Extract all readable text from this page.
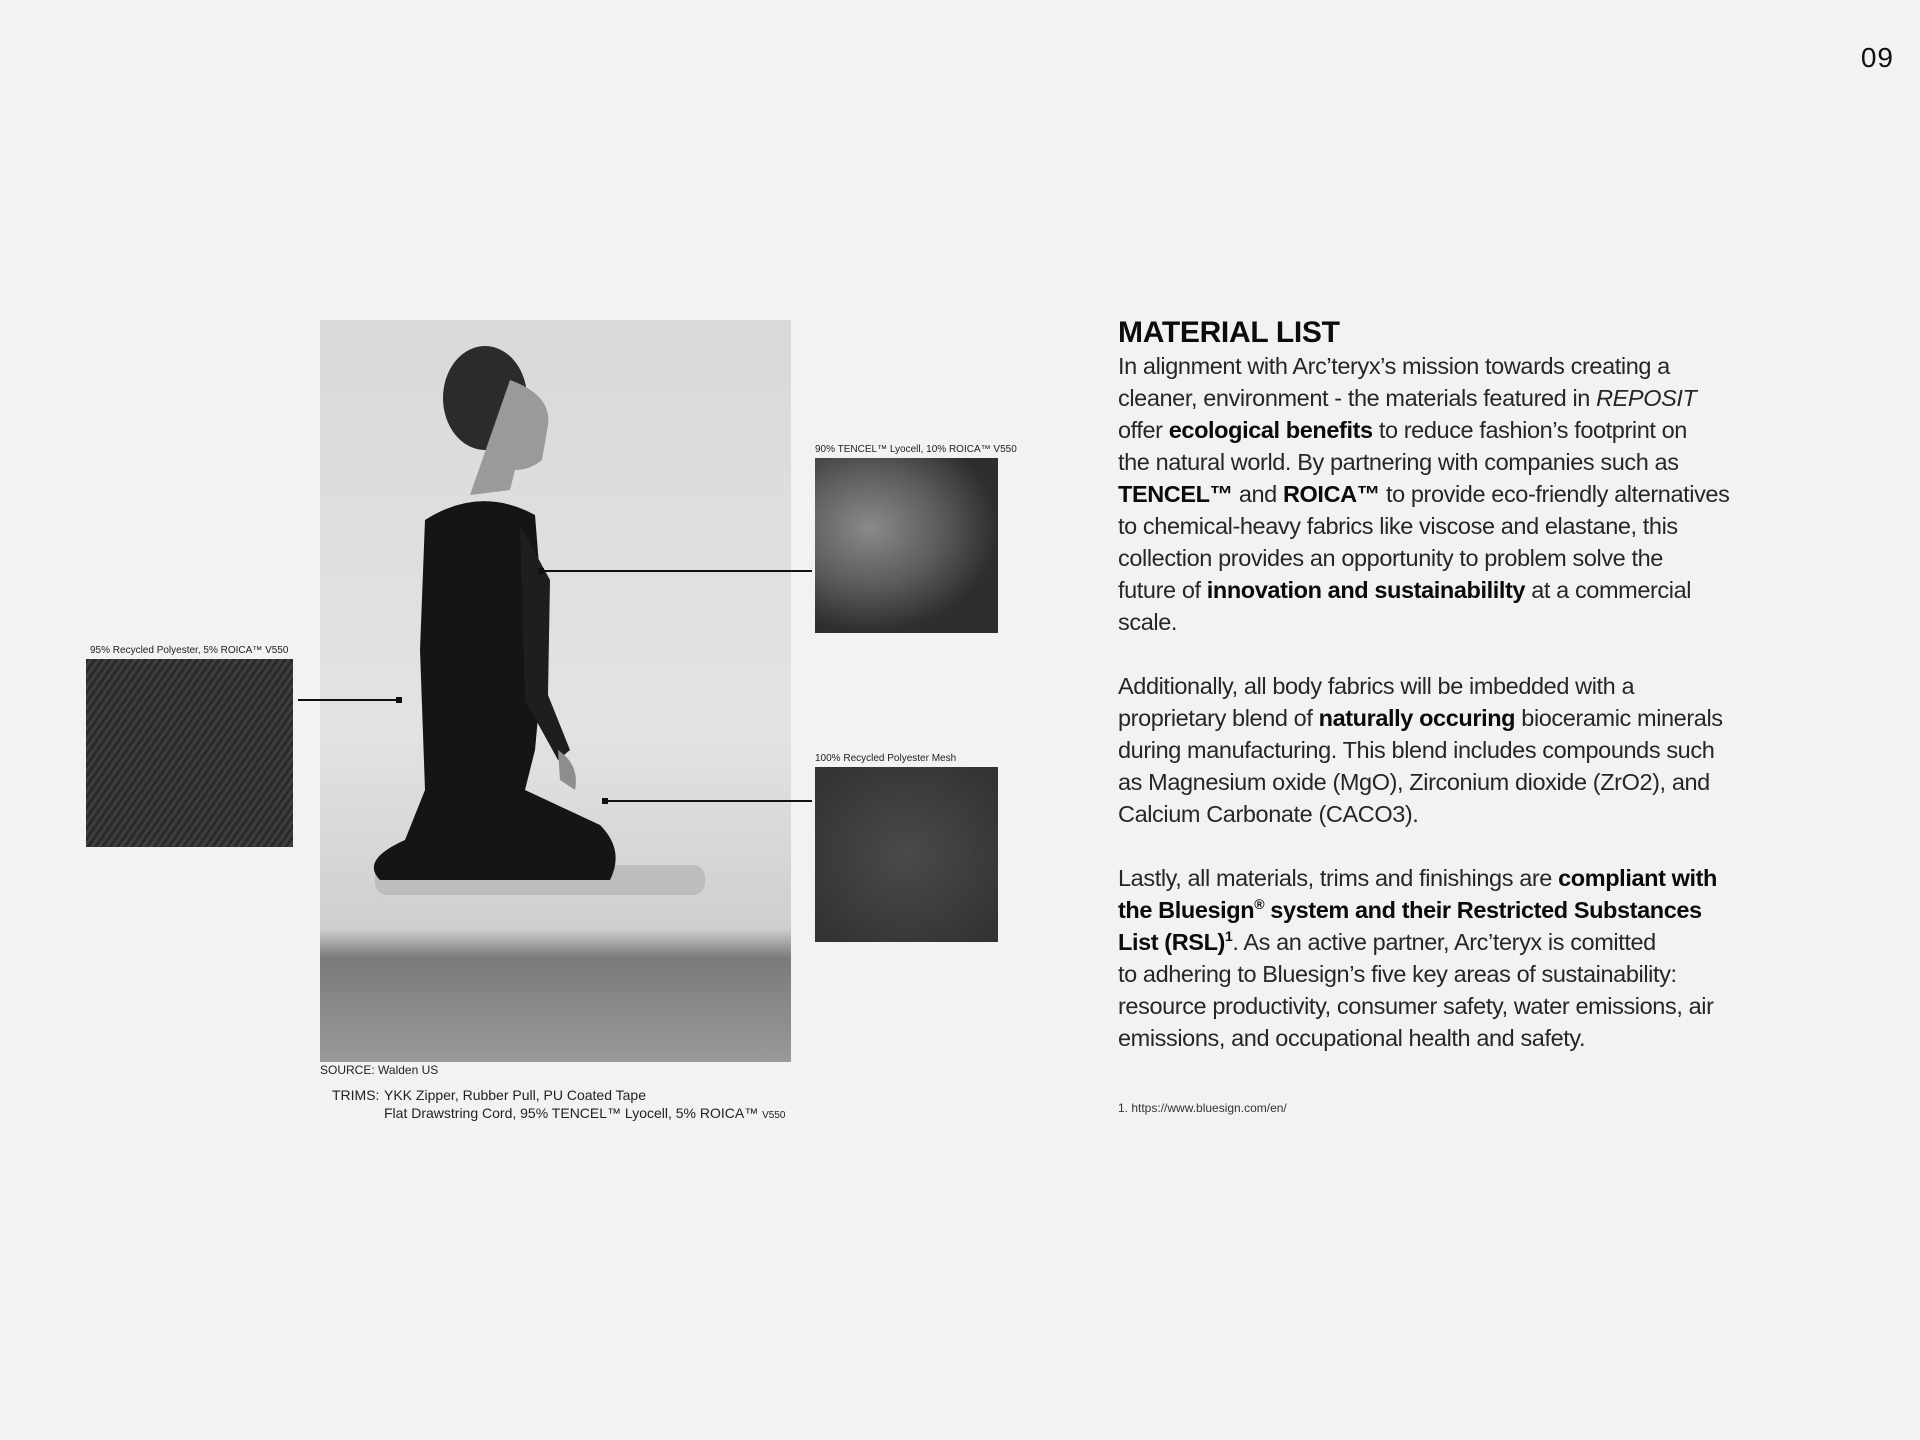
09
SOURCE: Walden US
95% Recycled Polyester, 5% ROICA™ V550
90% TENCEL™ Lyocell, 10% ROICA™ V550
100% Recycled Polyester Mesh
TRIMS: YKK Zipper, Rubber Pull, PU Coated Tape
Flat Drawstring Cord, 95% TENCEL™ Lyocell, 5% ROICA™ V550
MATERIAL LIST
In alignment with Arc’teryx’s mission towards creating a
cleaner, environment - the materials featured in REPOSIT
offer ecological benefits to reduce fashion’s footprint on
the natural world. By partnering with companies such as
TENCEL™ and ROICA™ to provide eco-friendly alternatives
to chemical-heavy fabrics like viscose and elastane, this
collection provides an opportunity to problem solve the
future of innovation and sustainabililty at a commercial
scale.
Additionally, all body fabrics will be imbedded with a
proprietary blend of naturally occuring bioceramic minerals
during manufacturing. This blend includes compounds such
as Magnesium oxide (MgO), Zirconium dioxide (ZrO2), and
Calcium Carbonate (CACO3).
Lastly, all materials, trims and finishings are compliant with
the Bluesign® system and their Restricted Substances
List (RSL)$^1$. As an active partner, Arc’teryx is comitted
to adhering to Bluesign’s five key areas of sustainability:
resource productivity, consumer safety, water emissions, air
emissions, and occupational health and safety.
1. https://www.bluesign.com/en/
